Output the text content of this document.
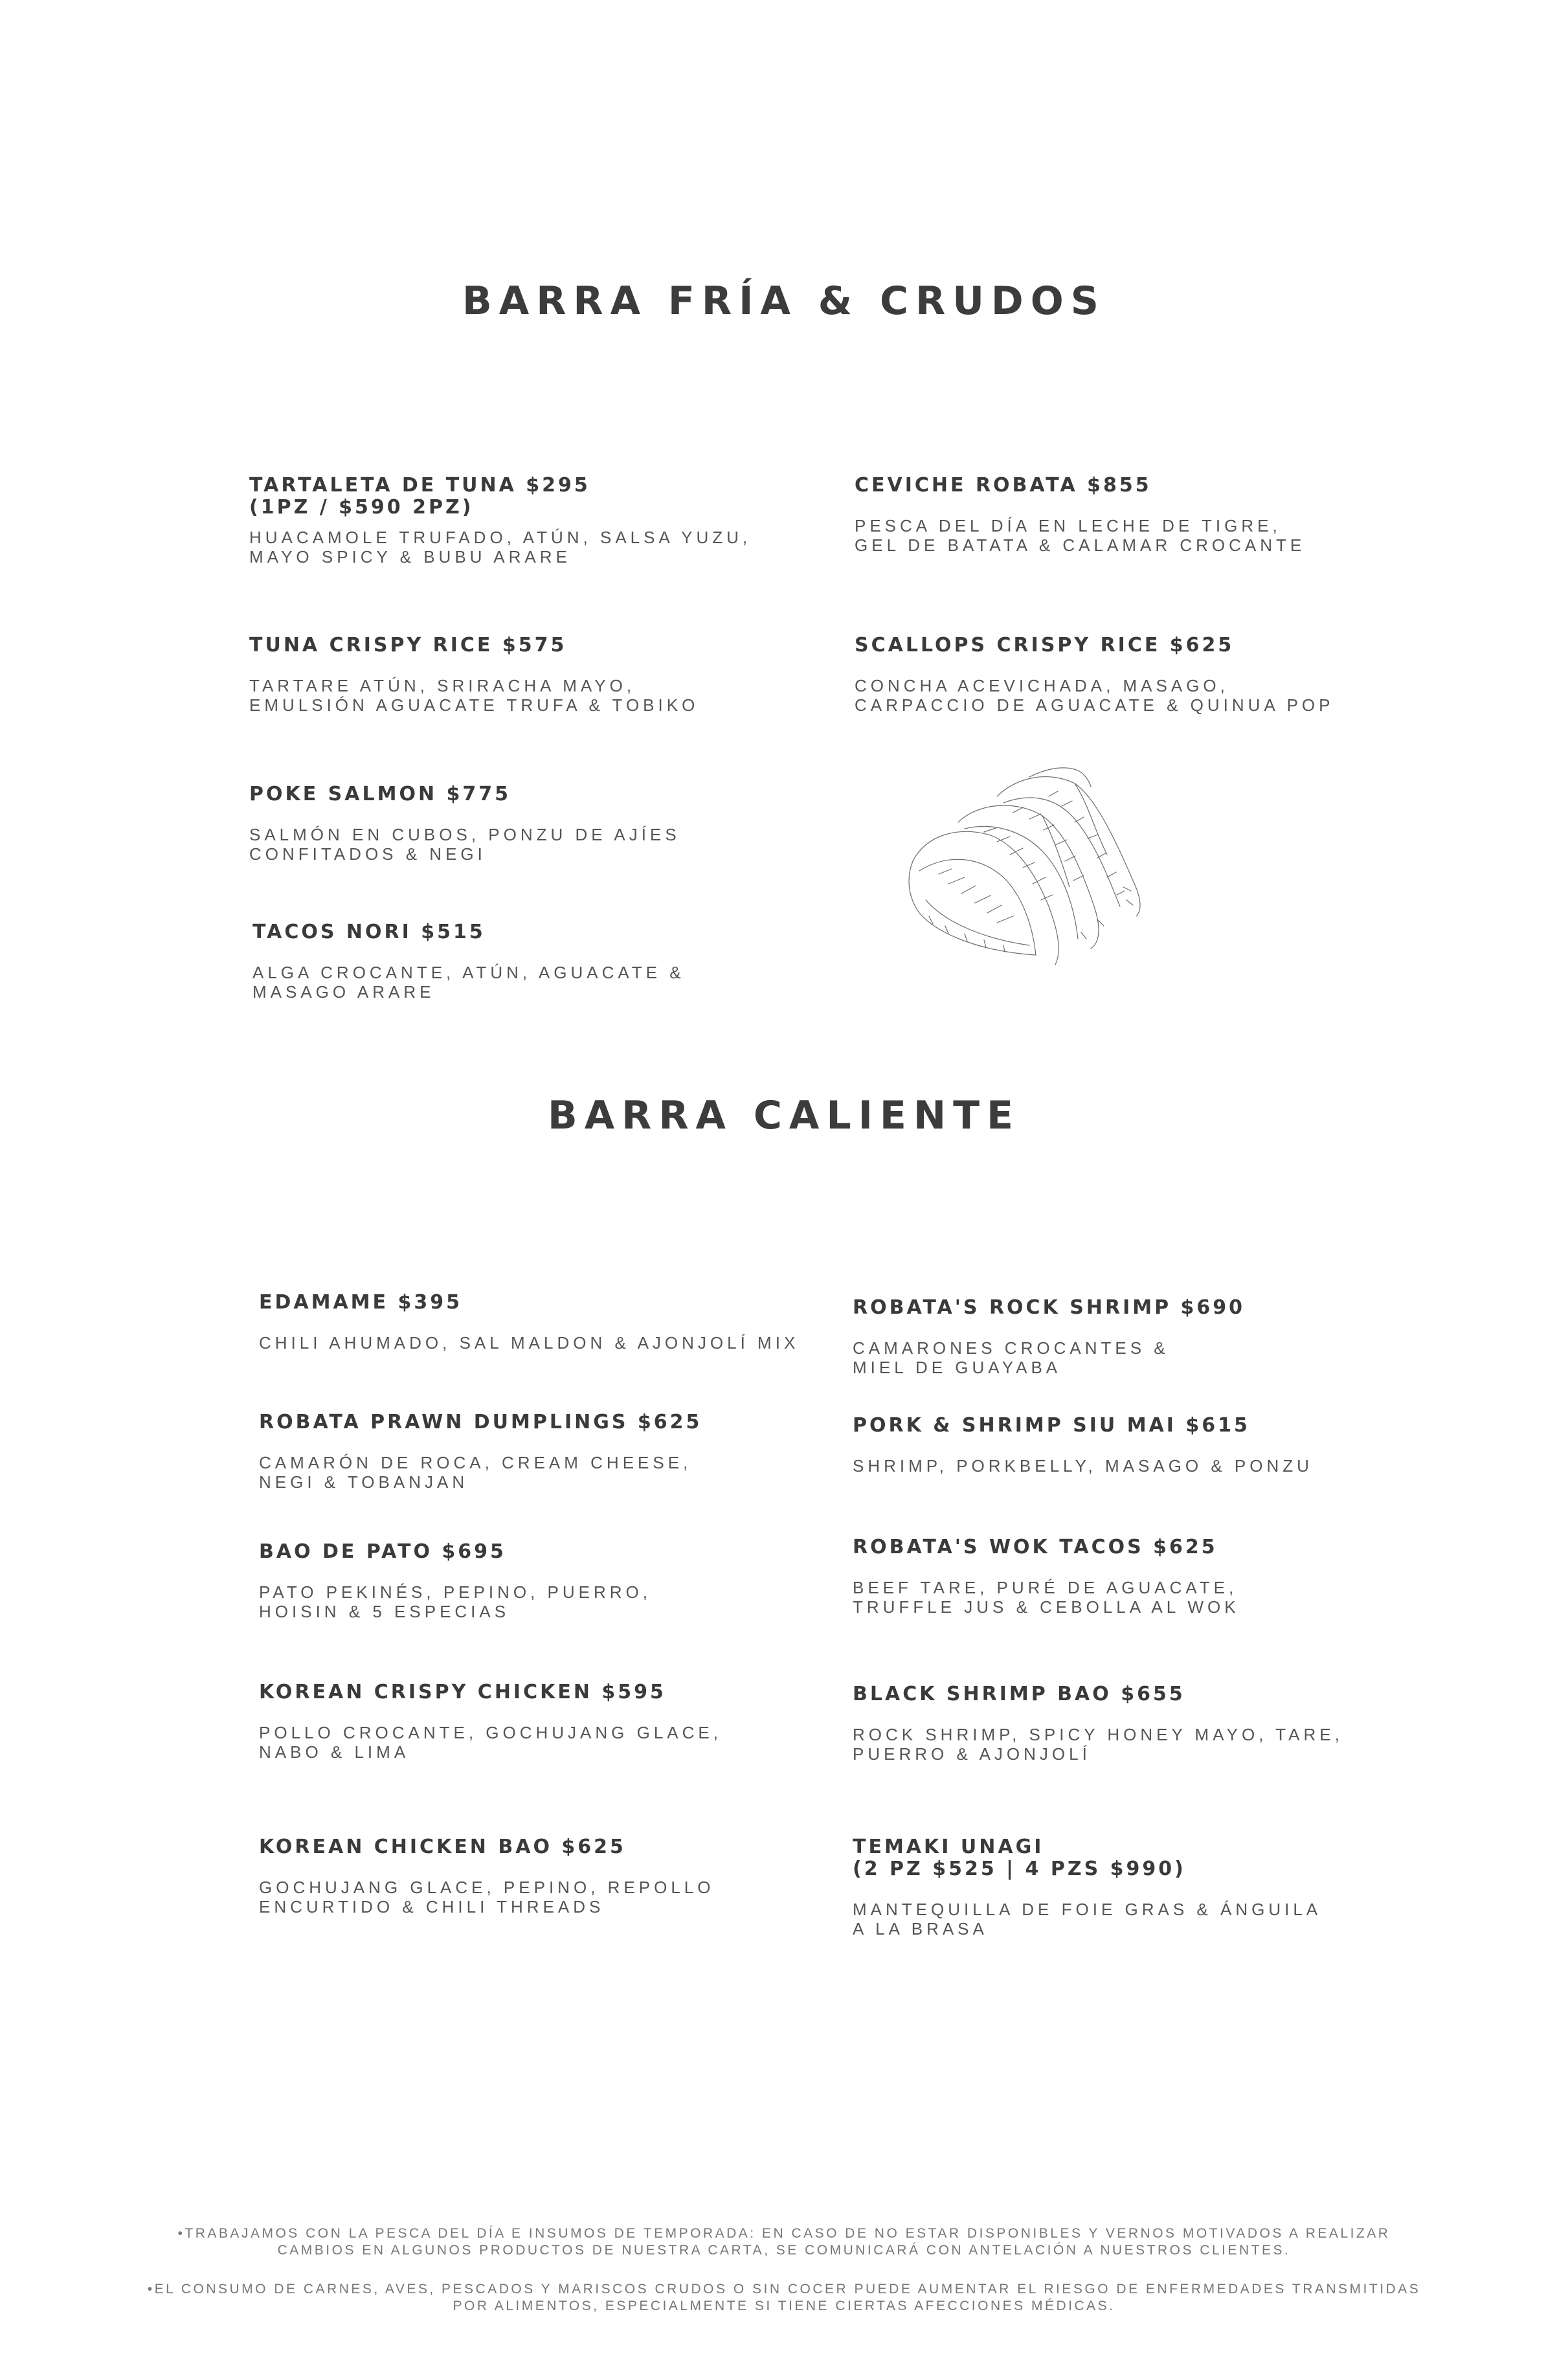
BARRA FRÍA & CRUDOS
TARTALETA DE TUNA $295
(1PZ / $590 2PZ)
HUACAMOLE TRUFADO, ATÚN, SALSA YUZU,
MAYO SPICY & BUBU ARARE
CEVICHE ROBATA $855
PESCA DEL DÍA EN LECHE DE TIGRE,
GEL DE BATATA & CALAMAR CROCANTE
TUNA CRISPY RICE $575
TARTARE ATÚN, SRIRACHA MAYO,
EMULSIÓN AGUACATE TRUFA & TOBIKO
SCALLOPS CRISPY RICE $625
CONCHA ACEVICHADA, MASAGO,
CARPACCIO DE AGUACATE & QUINUA POP
POKE SALMON $775
SALMÓN EN CUBOS, PONZU DE AJÍES
CONFITADOS & NEGI
TACOS NORI $515
ALGA CROCANTE, ATÚN, AGUACATE &
MASAGO ARARE
BARRA CALIENTE
EDAMAME $395
CHILI AHUMADO, SAL MALDON & AJONJOLÍ MIX
ROBATA'S ROCK SHRIMP $690
CAMARONES CROCANTES &
MIEL DE GUAYABA
ROBATA PRAWN DUMPLINGS $625
CAMARÓN DE ROCA, CREAM CHEESE,
NEGI & TOBANJAN
PORK & SHRIMP SIU MAI $615
SHRIMP, PORKBELLY, MASAGO & PONZU
BAO DE PATO $695
PATO PEKINÉS, PEPINO, PUERRO,
HOISIN & 5 ESPECIAS
ROBATA'S WOK TACOS $625
BEEF TARE, PURÉ DE AGUACATE,
TRUFFLE JUS & CEBOLLA AL WOK
KOREAN CRISPY CHICKEN $595
POLLO CROCANTE, GOCHUJANG GLACE,
NABO & LIMA
BLACK SHRIMP BAO $655
ROCK SHRIMP, SPICY HONEY MAYO, TARE,
PUERRO & AJONJOLÍ
KOREAN CHICKEN BAO $625
GOCHUJANG GLACE, PEPINO, REPOLLO
ENCURTIDO & CHILI THREADS
TEMAKI UNAGI
(2 PZ $525 | 4 PZS $990)
MANTEQUILLA DE FOIE GRAS & ÁNGUILA
A LA BRASA
•TRABAJAMOS CON LA PESCA DEL DÍA E INSUMOS DE TEMPORADA: EN CASO DE NO ESTAR DISPONIBLES Y VERNOS MOTIVADOS A REALIZAR
CAMBIOS EN ALGUNOS PRODUCTOS DE NUESTRA CARTA, SE COMUNICARÁ CON ANTELACIÓN A NUESTROS CLIENTES.
•EL CONSUMO DE CARNES, AVES, PESCADOS Y MARISCOS CRUDOS O SIN COCER PUEDE AUMENTAR EL RIESGO DE ENFERMEDADES TRANSMITIDAS
POR ALIMENTOS, ESPECIALMENTE SI TIENE CIERTAS AFECCIONES MÉDICAS.
